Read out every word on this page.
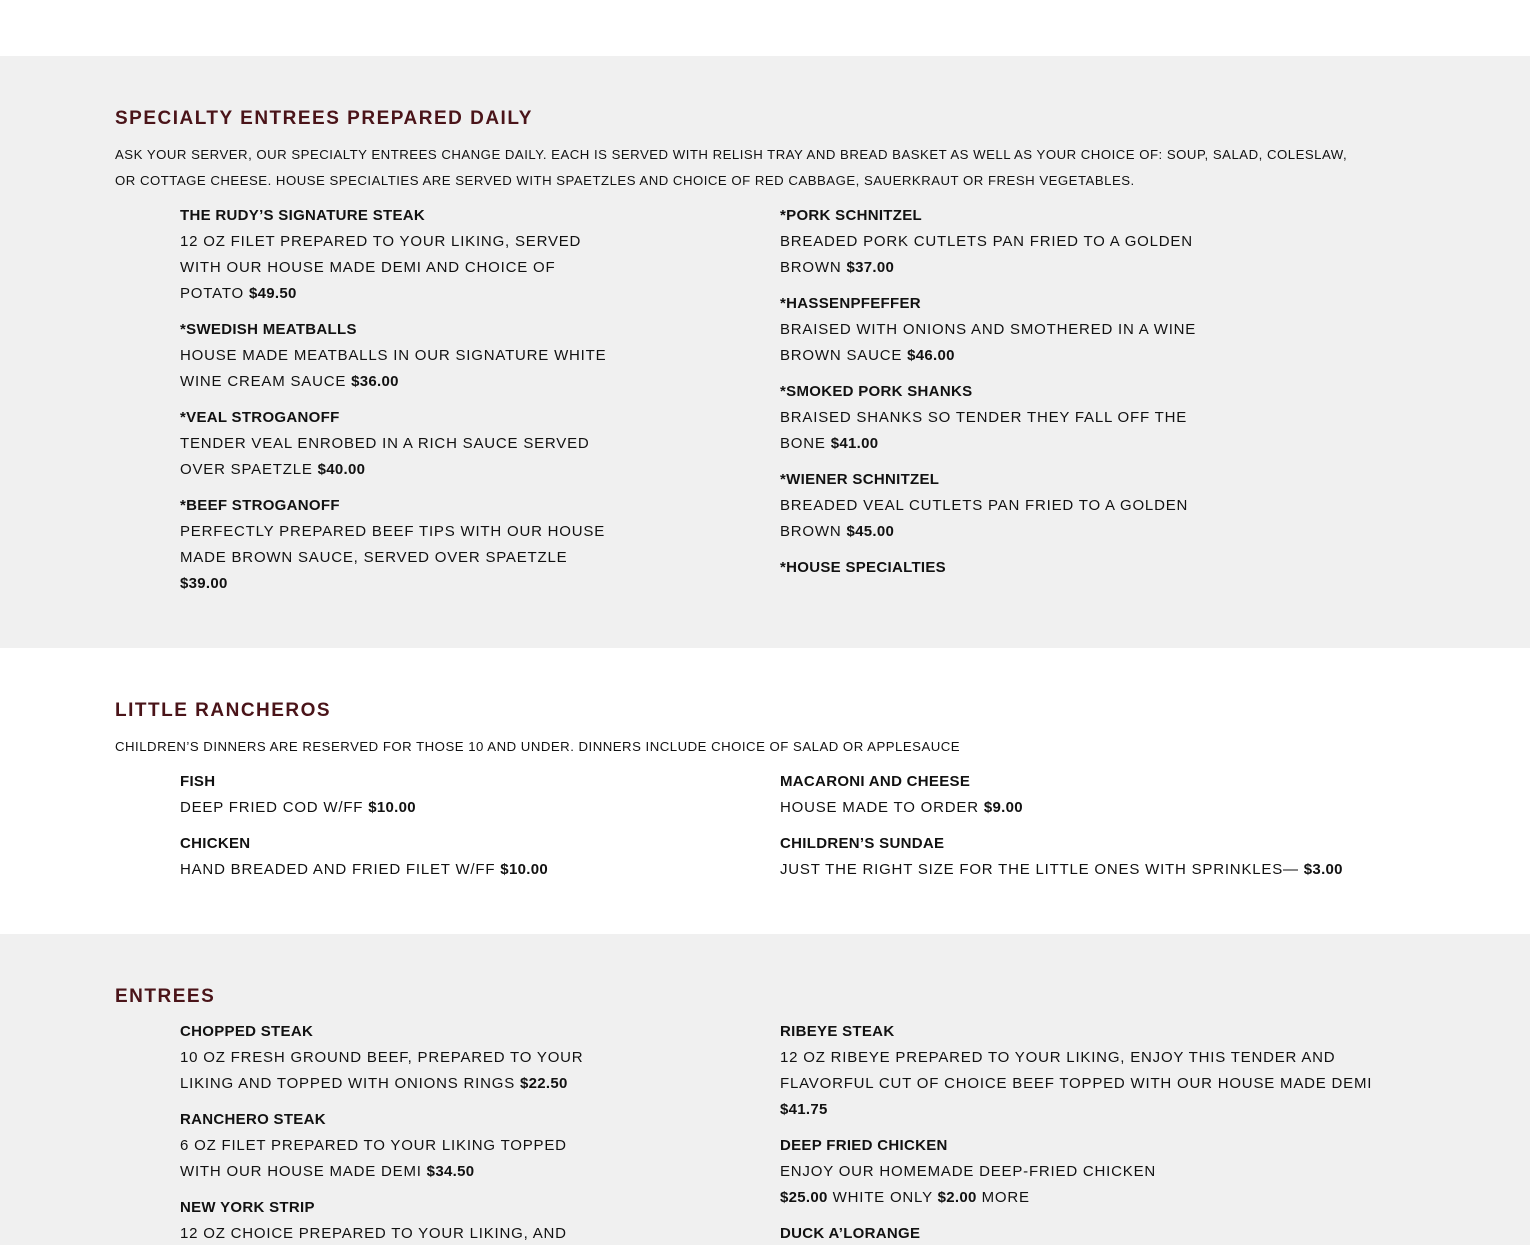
SPECIALTY ENTREES PREPARED DAILY

ASK YOUR SERVER, OUR SPECIALTY ENTREES CHANGE DAILY. EACH IS SERVED WITH RELISH TRAY AND BREAD BASKET AS WELL AS YOUR CHOICE OF: SOUP, SALAD, COLESLAW, OR COTTAGE CHEESE. HOUSE SPECIALTIES ARE SERVED WITH SPAETZLES AND CHOICE OF RED CABBAGE, SAUERKRAUT OR FRESH VEGETABLES.

THE RUDY’S SIGNATURE STEAK
12 OZ FILET PREPARED TO YOUR LIKING, SERVED WITH OUR HOUSE MADE DEMI AND CHOICE OF POTATO $49.50
*SWEDISH MEATBALLS
HOUSE MADE MEATBALLS IN OUR SIGNATURE WHITE WINE CREAM SAUCE $36.00
*VEAL STROGANOFF
TENDER VEAL ENROBED IN A RICH SAUCE SERVED OVER SPAETZLE $40.00
*BEEF STROGANOFF
PERFECTLY PREPARED BEEF TIPS WITH OUR HOUSE MADE BROWN SAUCE, SERVED OVER SPAETZLE $39.00
*PORK SCHNITZEL
BREADED PORK CUTLETS PAN FRIED TO A GOLDEN BROWN $37.00
*HASSENPFEFFER
BRAISED WITH ONIONS AND SMOTHERED IN A WINE BROWN SAUCE $46.00
*SMOKED PORK SHANKS
BRAISED SHANKS SO TENDER THEY FALL OFF THE BONE $41.00
*WIENER SCHNITZEL
BREADED VEAL CUTLETS PAN FRIED TO A GOLDEN BROWN $45.00
*HOUSE SPECIALTIES
LITTLE RANCHEROS

CHILDREN’S DINNERS ARE RESERVED FOR THOSE 10 AND UNDER. DINNERS INCLUDE CHOICE OF SALAD OR APPLESAUCE

FISH
DEEP FRIED COD W/FF $10.00
CHICKEN
HAND BREADED AND FRIED FILET W/FF $10.00
MACARONI AND CHEESE
HOUSE MADE TO ORDER $9.00
CHILDREN’S SUNDAE
JUST THE RIGHT SIZE FOR THE LITTLE ONES WITH SPRINKLES— $3.00
ENTREES
CHOPPED STEAK
10 OZ FRESH GROUND BEEF, PREPARED TO YOUR LIKING AND TOPPED WITH ONIONS RINGS $22.50
RANCHERO STEAK
6 OZ FILET PREPARED TO YOUR LIKING TOPPED WITH OUR HOUSE MADE DEMI $34.50
NEW YORK STRIP
12 OZ CHOICE PREPARED TO YOUR LIKING, AND
RIBEYE STEAK
12 OZ RIBEYE PREPARED TO YOUR LIKING, ENJOY THIS TENDER AND FLAVORFUL CUT OF CHOICE BEEF TOPPED WITH OUR HOUSE MADE DEMI $41.75
DEEP FRIED CHICKEN
ENJOY OUR HOMEMADE DEEP-FRIED CHICKEN
$25.00 WHITE ONLY $2.00 MORE
DUCK A’LORANGE
